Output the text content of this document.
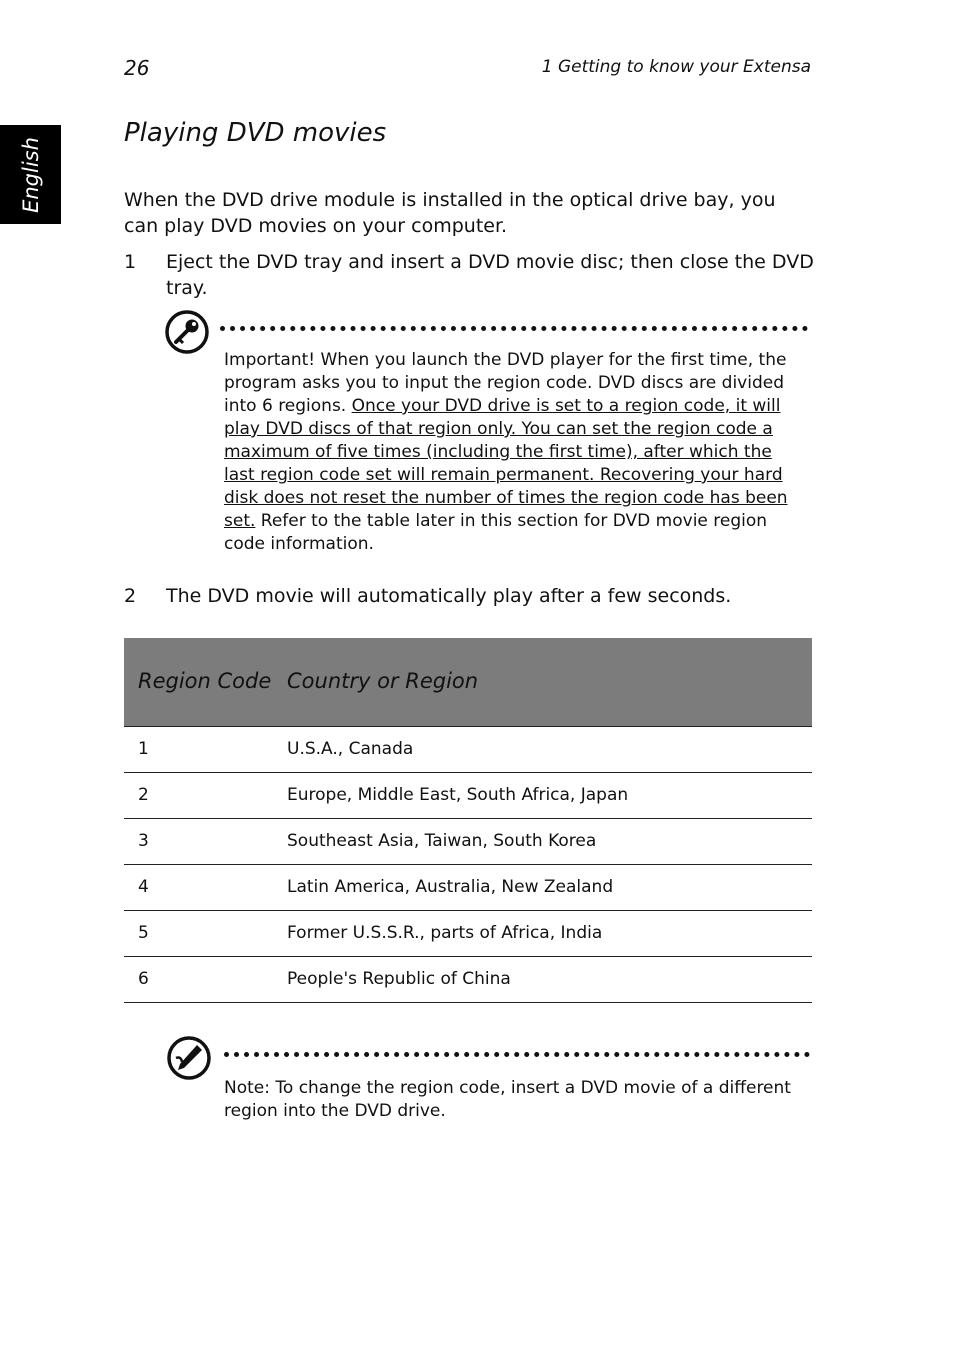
26	1 Getting to know your Extensa
English
Playing DVD movies
When the DVD drive module is installed in the optical drive bay, you can play DVD movies on your computer.
1 Eject the DVD tray and insert a DVD movie disc; then close the DVD tray.
Important! When you launch the DVD player for the first time, the program asks you to input the region code. DVD discs are divided into 6 regions. Once your DVD drive is set to a region code, it will play DVD discs of that region only. You can set the region code a maximum of five times (including the first time), after which the last region code set will remain permanent. Recovering your hard disk does not reset the number of times the region code has been set. Refer to the table later in this section for DVD movie region code information.
2 The DVD movie will automatically play after a few seconds.
Region Code	Country or Region
1	U.S.A., Canada
2	Europe, Middle East, South Africa, Japan
3	Southeast Asia, Taiwan, South Korea
4	Latin America, Australia, New Zealand
5	Former U.S.S.R., parts of Africa, India
6	People's Republic of China
Note: To change the region code, insert a DVD movie of a different region into the DVD drive.
